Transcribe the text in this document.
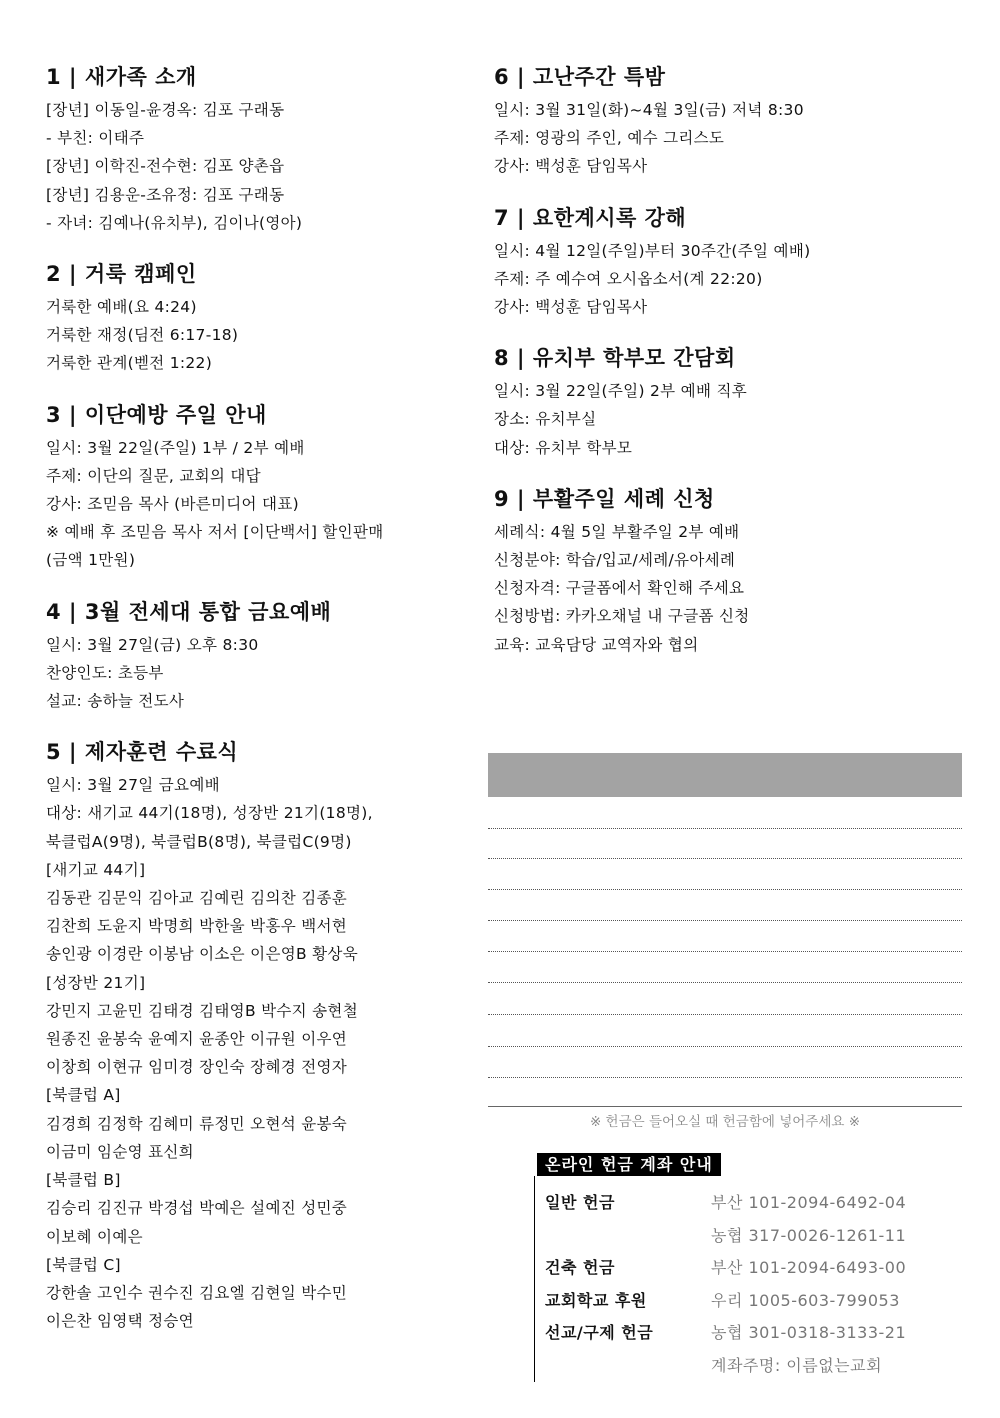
1 | 새가족 소개
[장년] 이동일-윤경옥: 김포 구래동
- 부친: 이태주
[장년] 이학진-전수현: 김포 양촌읍
[장년] 김용운-조유정: 김포 구래동
- 자녀: 김예나(유치부), 김이나(영아)
2 | 거룩 캠페인
거룩한 예배(요 4:24)
거룩한 재정(딤전 6:17-18)
거룩한 관계(벧전 1:22)
3 | 이단예방 주일 안내
일시: 3월 22일(주일) 1부 / 2부 예배
주제: 이단의 질문, 교회의 대답
강사: 조믿음 목사 (바른미디어 대표)
※ 예배 후 조믿음 목사 저서 [이단백서] 할인판매
(금액 1만원)
4 | 3월 전세대 통합 금요예배
일시: 3월 27일(금) 오후 8:30
찬양인도: 초등부
설교: 송하늘 전도사
5 | 제자훈련 수료식
일시: 3월 27일 금요예배
대상: 새기교 44기(18명), 성장반 21기(18명),
북클럽A(9명), 북클럽B(8명), 북클럽C(9명)
[새기교 44기]
김동관 김문익 김아교 김예린 김의찬 김종훈
김찬희 도윤지 박명희 박한울 박홍우 백서현
송인광 이경란 이봉남 이소은 이은영B 황상욱
[성장반 21기]
강민지 고윤민 김태경 김태영B 박수지 송현철
원종진 윤봉숙 윤예지 윤종안 이규원 이우연
이창희 이현규 임미경 장인숙 장혜경 전영자
[북클럽 A]
김경희 김정학 김혜미 류정민 오현석 윤봉숙
이금미 임순영 표신희
[북클럽 B]
김승리 김진규 박경섭 박예은 설예진 성민중
이보혜 이예은
[북클럽 C]
강한솔 고인수 권수진 김요엘 김현일 박수민
이은찬 임영택 정승연
6 | 고난주간 특밤
일시: 3월 31일(화)~4월 3일(금) 저녁 8:30
주제: 영광의 주인, 예수 그리스도
강사: 백성훈 담임목사
7 | 요한계시록 강해
일시: 4월 12일(주일)부터 30주간(주일 예배)
주제: 주 예수여 오시옵소서(계 22:20)
강사: 백성훈 담임목사
8 | 유치부 학부모 간담회
일시: 3월 22일(주일) 2부 예배 직후
장소: 유치부실
대상: 유치부 학부모
9 | 부활주일 세례 신청
세례식: 4월 5일 부활주일 2부 예배
신청분야: 학습/입교/세례/유아세례
신청자격: 구글폼에서 확인해 주세요
신청방법: 카카오채널 내 구글폼 신청
교육: 교육담당 교역자와 협의
※ 헌금은 들어오실 때 헌금함에 넣어주세요 ※
온라인 헌금 계좌 안내
일반 헌금	부산 101-2094-6492-04
농협 317-0026-1261-11
건축 헌금	부산 101-2094-6493-00
교회학교 후원	우리 1005-603-799053
선교/구제 헌금	농협 301-0318-3133-21
계좌주명: 이름없는교회
